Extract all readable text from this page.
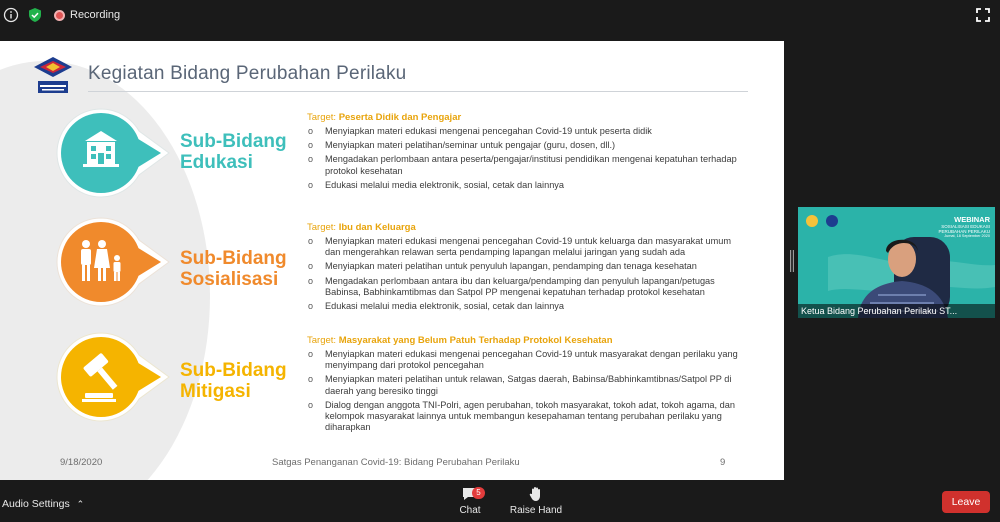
Recording
Kegiatan Bidang Perubahan Perilaku
Sub-Bidang
Edukasi
Target: Peserta Didik dan Pengajar
o Menyiapkan materi edukasi mengenai pencegahan Covid-19 untuk peserta didik
o Menyiapkan materi pelatihan/seminar untuk pengajar (guru, dosen, dll.)
o Mengadakan perlombaan antara peserta/pengajar/institusi pendidikan mengenai kepatuhan terhadap protokol kesehatan
o Edukasi melalui media elektronik, sosial, cetak dan lainnya
Sub-Bidang
Sosialisasi
Target: Ibu dan Keluarga
o Menyiapkan materi edukasi mengenai pencegahan Covid-19 untuk keluarga dan masyarakat umum dan mengerahkan relawan serta pendamping lapangan melalui jaringan yang sudah ada
o Menyiapkan materi pelatihan untuk penyuluh lapangan, pendamping dan tenaga kesehatan
o Mengadakan perlombaan antara ibu dan keluarga/pendamping dan penyuluh lapangan/petugas Babinsa, Babhinkamtibmas dan Satpol PP mengenai kepatuhan terhadap protokol kesehatan
o Edukasi melalui media elektronik, sosial, cetak dan lainnya
Sub-Bidang
Mitigasi
Target: Masyarakat yang Belum Patuh Terhadap Protokol Kesehatan
o Menyiapkan materi edukasi mengenai pencegahan Covid-19 untuk masyarakat dengan perilaku yang menyimpang dari protokol pencegahan
o Menyiapkan materi pelatihan untuk relawan, Satgas daerah, Babinsa/Babhinkamtibnas/Satpol PP di daerah yang beresiko tinggi
o Dialog dengan anggota TNI-Polri, agen perubahan, tokoh masyarakat, tokoh adat, tokoh agama, dan kelompok masyarakat lainnya untuk membangun kesepahaman tentang perubahan perilaku yang diharapkan
9/18/2020	Satgas Penanganan Covid-19: Bidang Perubahan Perilaku	9
WEBINAR
SOSIALISASI EDUKASI
PERUBAHAN PERILAKU
Jumat, 18 September 2020
Ketua Bidang Perubahan Perilaku ST...
Audio Settings ⌃
5
Chat	Raise Hand
Leave
